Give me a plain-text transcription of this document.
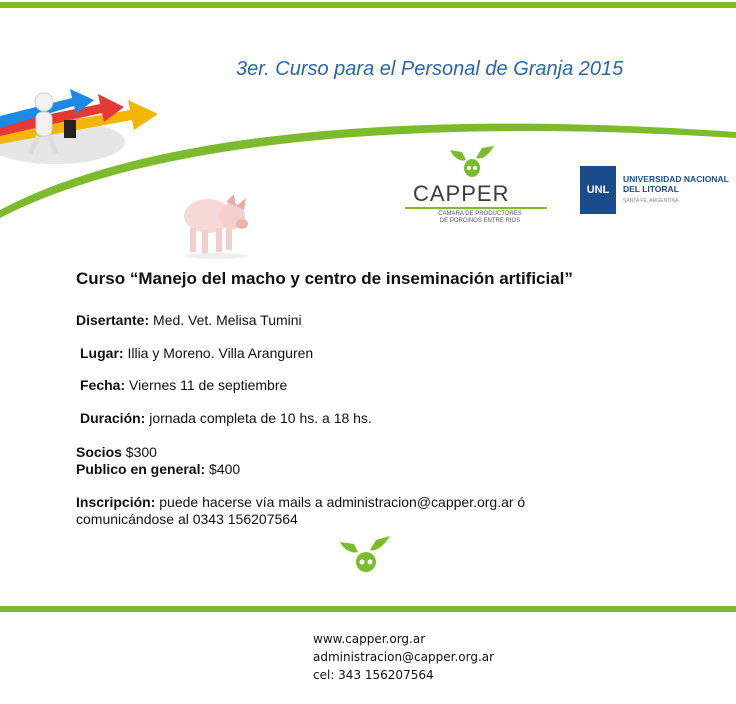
3er. Curso para el Personal de Granja 2015
CAPPER
CAMARA DE PRODUCTORES
DE PORCINOS ENTRE RIOS
UNL
UNIVERSIDAD NACIONAL
DEL LITORAL
SANTA FE, ARGENTINA
Curso “Manejo del macho y centro de inseminación artificial”
Disertante: Med. Vet. Melisa Tumini
Lugar: Illia y Moreno. Villa Aranguren
Fecha: Viernes 11 de septiembre
Duración: jornada completa de 10 hs. a 18 hs.
Socios $300
Publico en general: $400
Inscripción: puede hacerse vía mails a administracion@capper.org.ar ó
comunicándose al 0343 156207564
www.capper.org.ar
administracion@capper.org.ar
cel: 343 156207564
